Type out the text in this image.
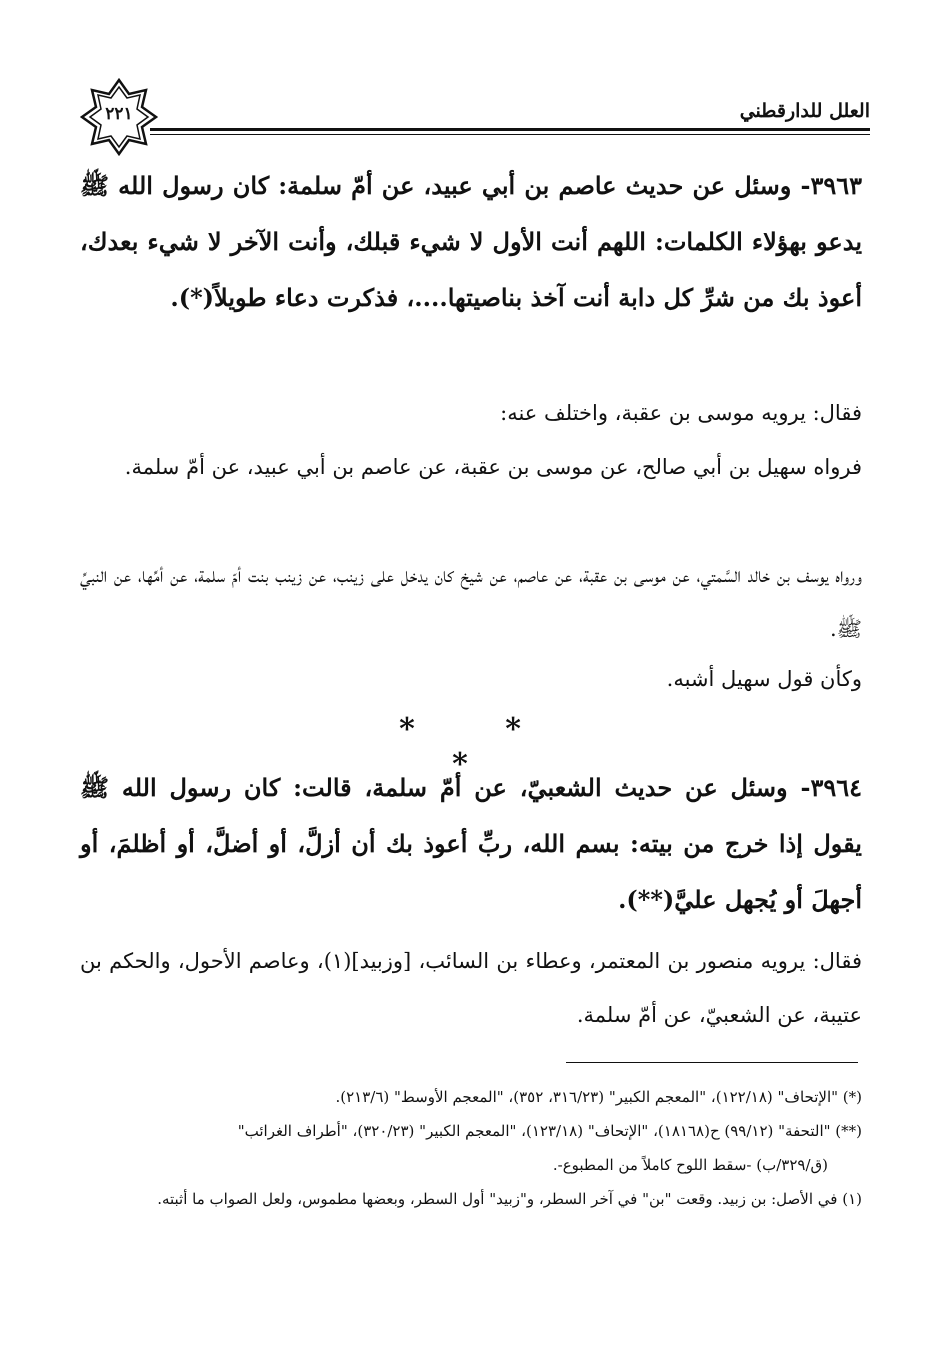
العلل للدارقطني
٢٢١
٣٩٦٣- وسئل عن حديث عاصم بن أبي عبيد، عن أمّ سلمة: كان رسول الله ﷺ يدعو بهؤلاء الكلمات: اللهم أنت الأول لا شيء قبلك، وأنت الآخر لا شيء بعدك، أعوذ بك من شرِّ كل دابة أنت آخذ بناصيتها....، فذكرت دعاء طويلاً(*).
فقال: يرويه موسى بن عقبة، واختلف عنه:
فرواه سهيل بن أبي صالح، عن موسى بن عقبة، عن عاصم بن أبي عبيد، عن أمّ سلمة.
ورواه يوسف بن خالد السَّمتي، عن موسى بن عقبة، عن عاصم، عن شيخ كان يدخل على زينب، عن زينب بنت أمّ سلمة، عن أمِّها، عن النبيِّ ﷺ.
وكأن قول سهيل أشبه.
* * *
٣٩٦٤- وسئل عن حديث الشعبيّ، عن أمّ سلمة، قالت: كان رسول الله ﷺ يقول إذا خرج من بيته: بسم الله، ربِّ أعوذ بك أن أزلَّ، أو أضلَّ، أو أظلمَ، أو أجهلَ أو يُجهل عليَّ(**).
فقال: يرويه منصور بن المعتمر، وعطاء بن السائب، [وزبيد](١)، وعاصم الأحول، والحكم بن عتيبة، عن الشعبيّ، عن أمّ سلمة.

(*) "الإتحاف" (١٢٢/١٨)، "المعجم الكبير" (٣١٦/٢٣، ٣٥٢)، "المعجم الأوسط" (٢١٣/٦).

(**) "التحفة" (٩٩/١٢) ح(١٨١٦٨)، "الإتحاف" (١٢٣/١٨)، "المعجم الكبير" (٣٢٠/٢٣)، "أطراف الغرائب"

(ق/٣٢٩/ب) -سقط اللوح كاملاً من المطبوع-.

(١) في الأصل: بن زبيد. وقعت "بن" في آخر السطر، و"زبيد" أول السطر، وبعضها مطموس، ولعل الصواب ما أثبته.
